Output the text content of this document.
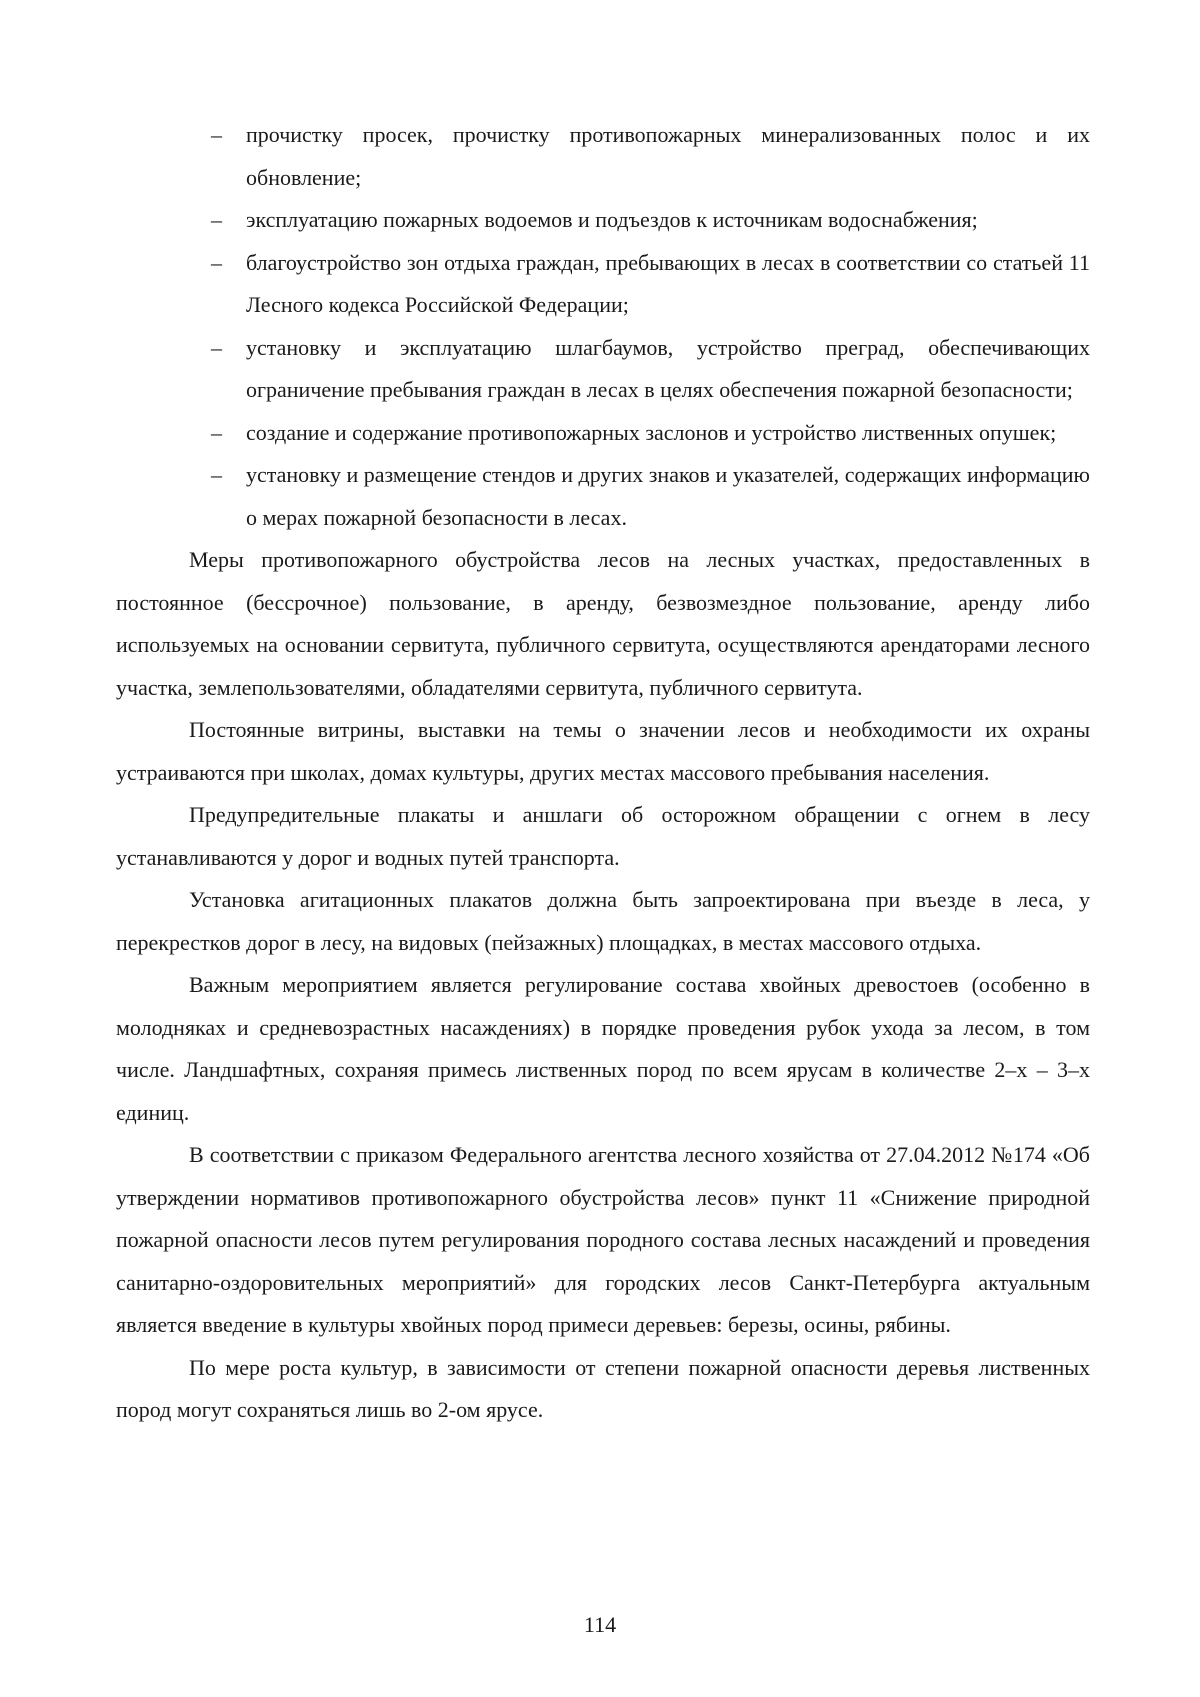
– прочистку просек, прочистку противопожарных минерализованных полос и их обновление;
– эксплуатацию пожарных водоемов и подъездов к источникам водоснабжения;
– благоустройство зон отдыха граждан, пребывающих в лесах в соответствии со статьей 11 Лесного кодекса Российской Федерации;
– установку и эксплуатацию шлагбаумов, устройство преград, обеспечивающих ограничение пребывания граждан в лесах в целях обеспечения пожарной безопасности;
– создание и содержание противопожарных заслонов и устройство лиственных опушек;
– установку и размещение стендов и других знаков и указателей, содержащих информацию о мерах пожарной безопасности в лесах.

Меры противопожарного обустройства лесов на лесных участках, предоставленных в постоянное (бессрочное) пользование, в аренду, безвозмездное пользование, аренду либо используемых на основании сервитута, публичного сервитута, осуществляются арендаторами лесного участка, землепользователями, обладателями сервитута, публичного сервитута.

Постоянные витрины, выставки на темы о значении лесов и необходимости их охраны устраиваются при школах, домах культуры, других местах массового пребывания населения.

Предупредительные плакаты и аншлаги об осторожном обращении с огнем в лесу устанавливаются у дорог и водных путей транспорта.

Установка агитационных плакатов должна быть запроектирована при въезде в леса, у перекрестков дорог в лесу, на видовых (пейзажных) площадках, в местах массового отдыха.

Важным мероприятием является регулирование состава хвойных древостоев (особенно в молодняках и средневозрастных насаждениях) в порядке проведения рубок ухода за лесом, в том числе. Ландшафтных, сохраняя примесь лиственных пород по всем ярусам в количестве 2–х – 3–х единиц.

В соответствии с приказом Федерального агентства лесного хозяйства от 27.04.2012 №174 «Об утверждении нормативов противопожарного обустройства лесов» пункт 11 «Снижение природной пожарной опасности лесов путем регулирования породного состава лесных насаждений и проведения санитарно-оздоровительных мероприятий» для городских лесов Санкт-Петербурга актуальным является введение в культуры хвойных пород примеси деревьев: березы, осины, рябины.

По мере роста культур, в зависимости от степени пожарной опасности деревья лиственных пород могут сохраняться лишь во 2-ом ярусе.

114
